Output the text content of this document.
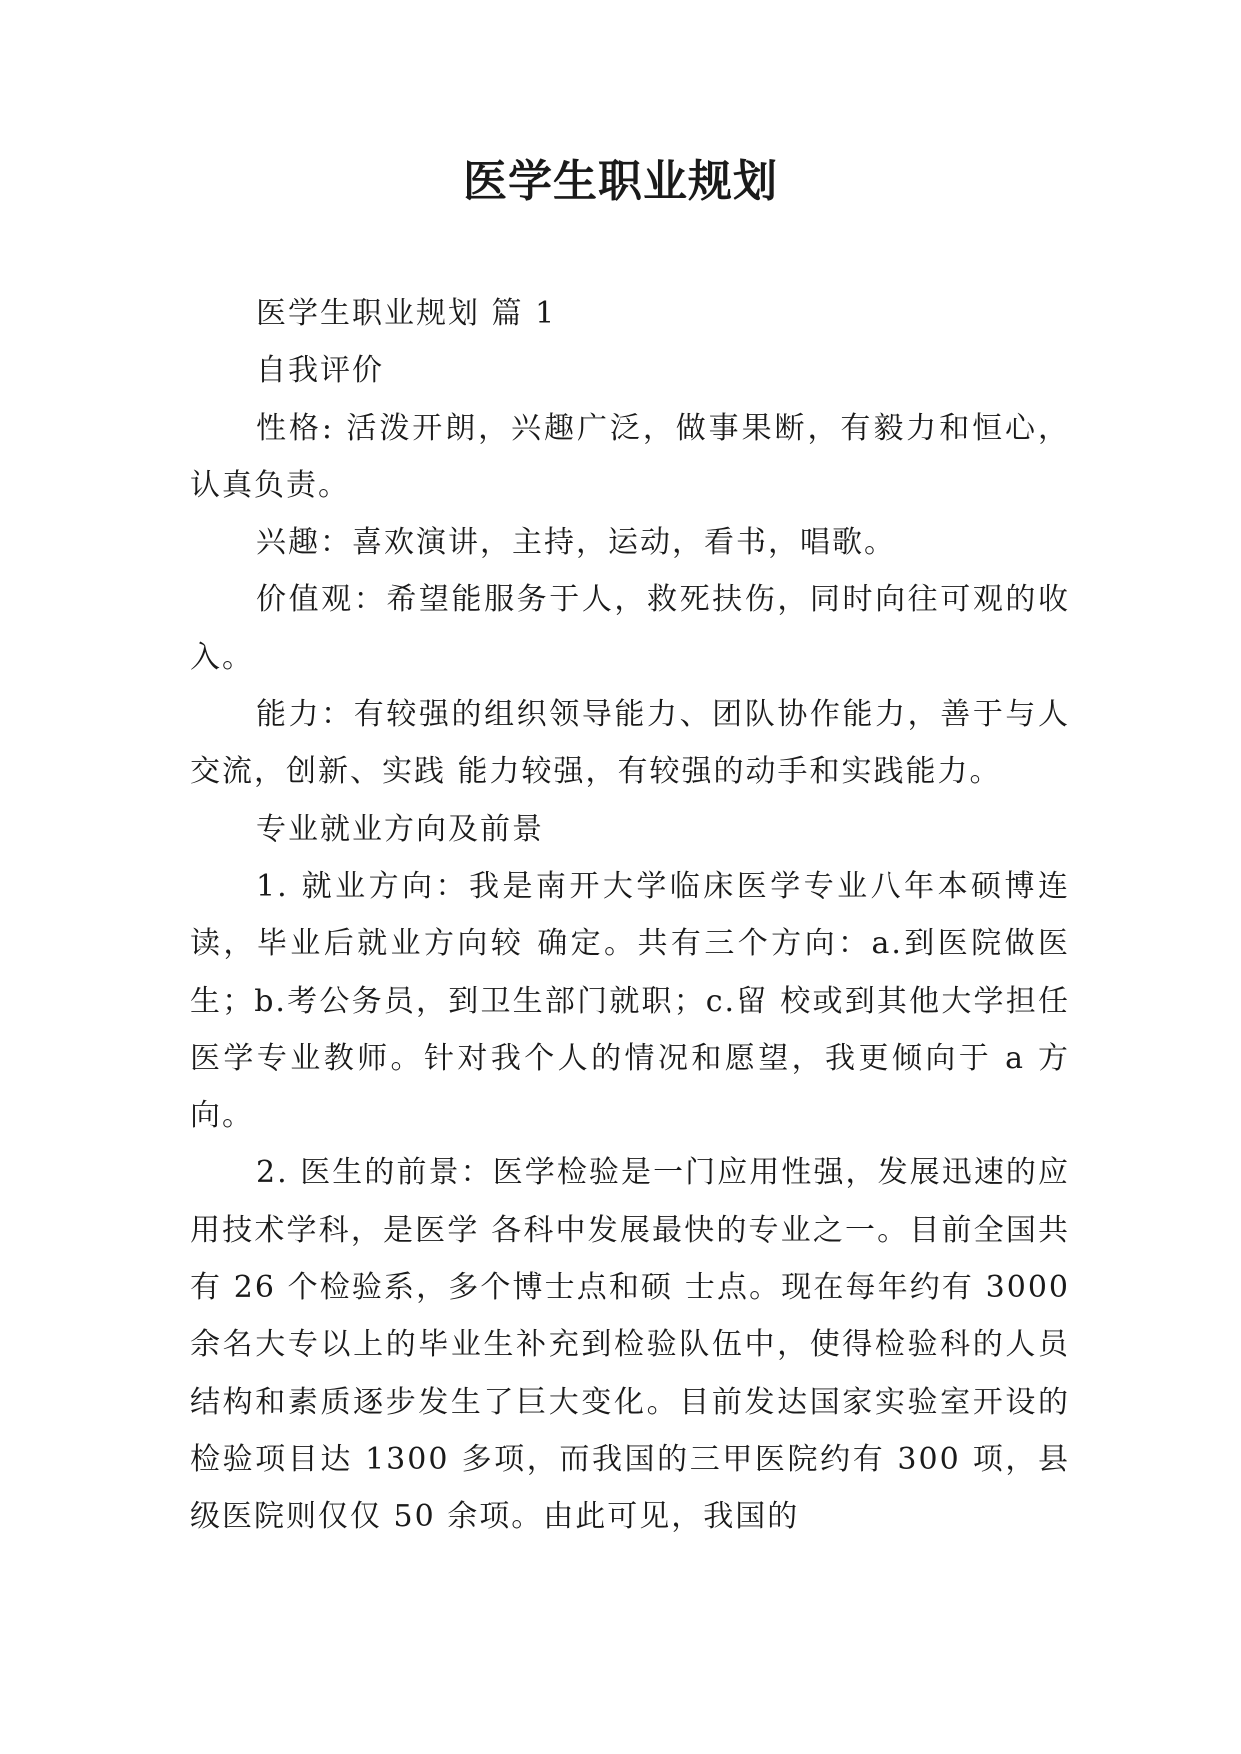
医学生职业规划

医学生职业规划 篇 1

自我评价

性格: 活泼开朗，兴趣广泛，做事果断，有毅力和恒心，认真负责。

兴趣：喜欢演讲，主持，运动，看书，唱歌。

价值观：希望能服务于人，救死扶伤，同时向往可观的收入。

能力：有较强的组织领导能力、团队协作能力，善于与人交流，创新、实践 能力较强，有较强的动手和实践能力。

专业就业方向及前景

1. 就业方向：我是南开大学临床医学专业八年本硕博连读，毕业后就业方向较 确定。共有三个方向：a.到医院做医生；b.考公务员，到卫生部门就职；c.留 校或到其他大学担任医学专业教师。针对我个人的情况和愿望，我更倾向于 a 方向。

2. 医生的前景：医学检验是一门应用性强，发展迅速的应用技术学科，是医学 各科中发展最快的专业之一。目前全国共有 26 个检验系，多个博士点和硕 士点。现在每年约有 3000 余名大专以上的毕业生补充到检验队伍中，使得检验科的人员结构和素质逐步发生了巨大变化。目前发达国家实验室开设的 检验项目达 1300 多项，而我国的三甲医院约有 300 项，县级医院则仅仅 50 余项。由此可见，我国的
